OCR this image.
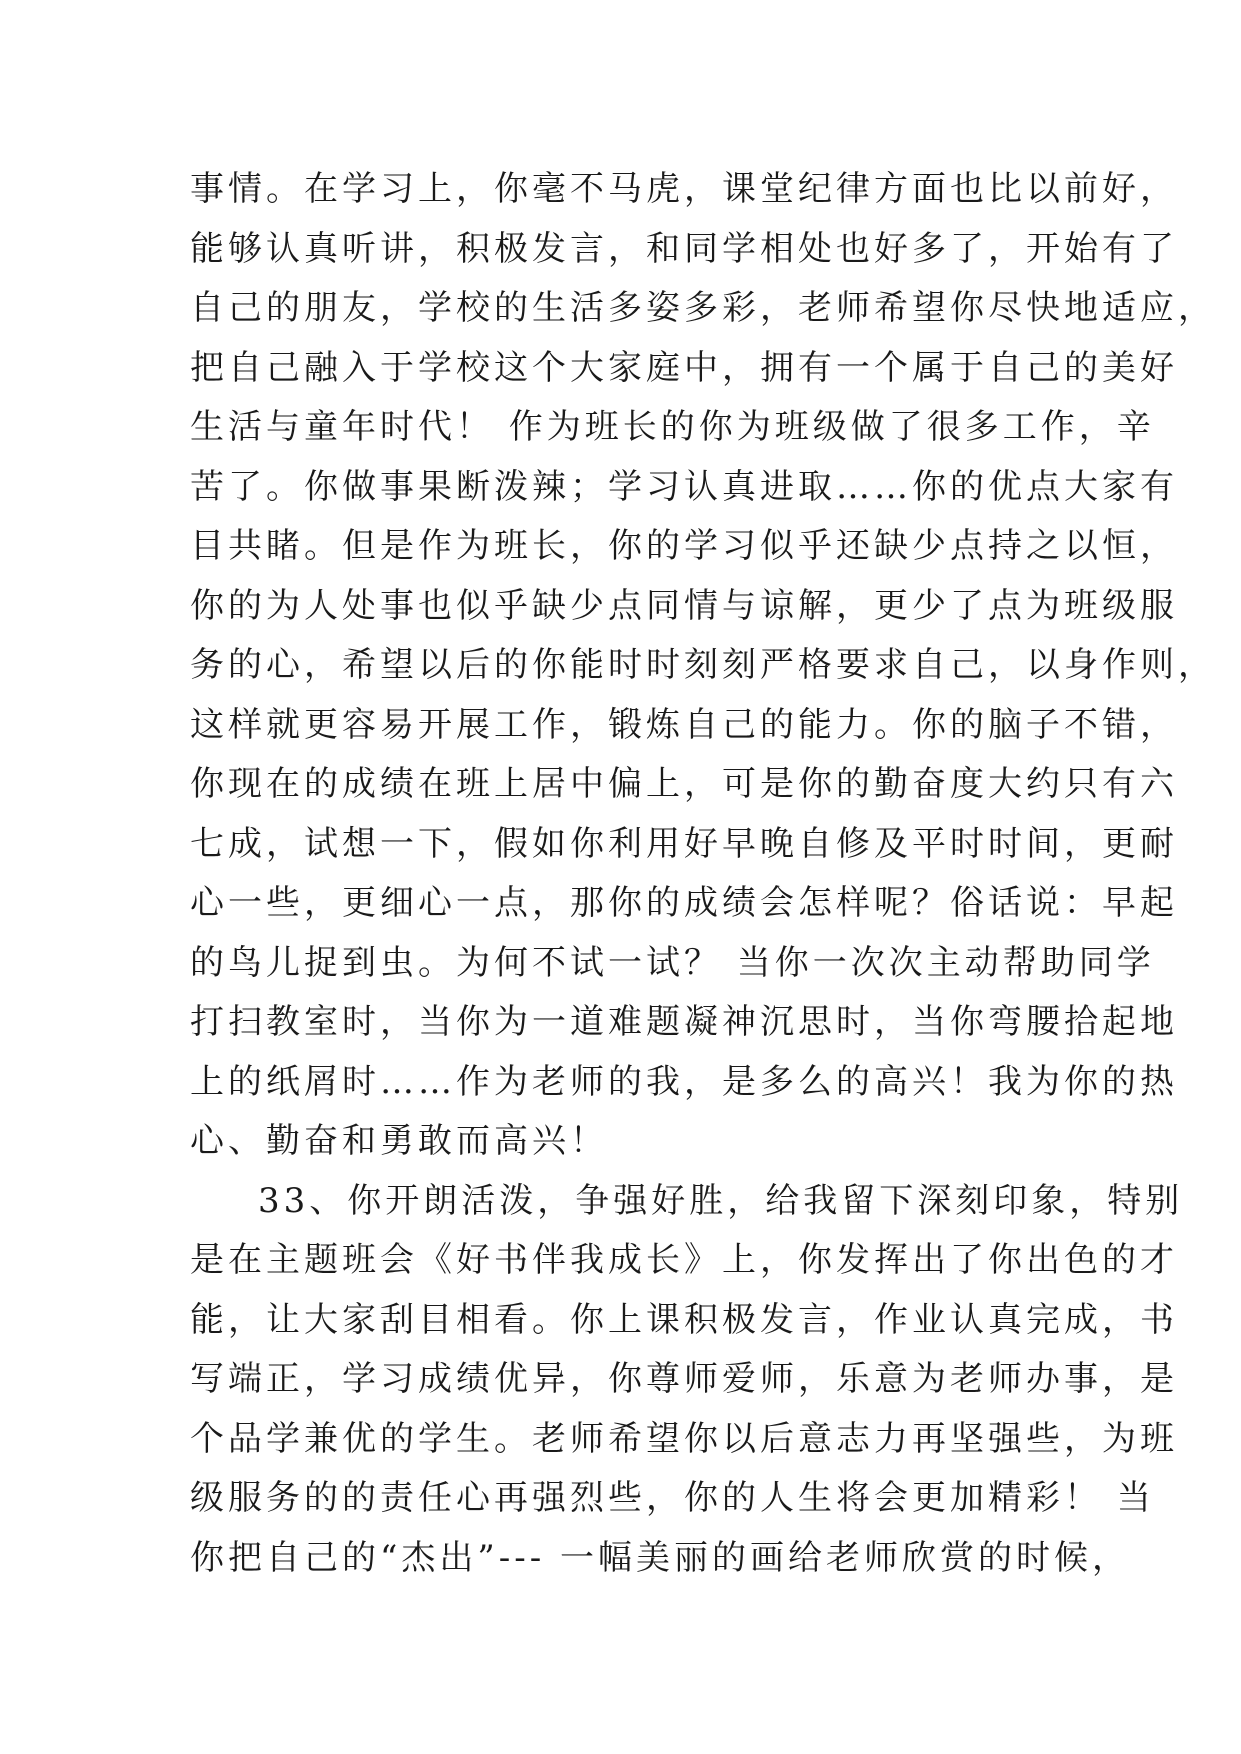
事情。在学习上，你毫不马虎，课堂纪律方面也比以前好，
能够认真听讲，积极发言，和同学相处也好多了，开始有了
自己的朋友，学校的生活多姿多彩，老师希望你尽快地适应，
把自己融入于学校这个大家庭中，拥有一个属于自己的美好
生活与童年时代！ 作为班长的你为班级做了很多工作，辛
苦了。你做事果断泼辣；学习认真进取……你的优点大家有
目共睹。但是作为班长，你的学习似乎还缺少点持之以恒，
你的为人处事也似乎缺少点同情与谅解，更少了点为班级服
务的心，希望以后的你能时时刻刻严格要求自己，以身作则，
这样就更容易开展工作，锻炼自己的能力。你的脑子不错，
你现在的成绩在班上居中偏上，可是你的勤奋度大约只有六
七成，试想一下，假如你利用好早晚自修及平时时间，更耐
心一些，更细心一点，那你的成绩会怎样呢？俗话说：早起
的鸟儿捉到虫。为何不试一试？ 当你一次次主动帮助同学
打扫教室时，当你为一道难题凝神沉思时，当你弯腰拾起地
上的纸屑时……作为老师的我，是多么的高兴！我为你的热
心、勤奋和勇敢而高兴！
33、你开朗活泼，争强好胜，给我留下深刻印象，特别
是在主题班会《好书伴我成长》上，你发挥出了你出色的才
能，让大家刮目相看。你上课积极发言，作业认真完成，书
写端正，学习成绩优异，你尊师爱师，乐意为老师办事，是
个品学兼优的学生。老师希望你以后意志力再坚强些，为班
级服务的的责任心再强烈些，你的人生将会更加精彩！ 当
你把自己的“杰出”--- 一幅美丽的画给老师欣赏的时候，
